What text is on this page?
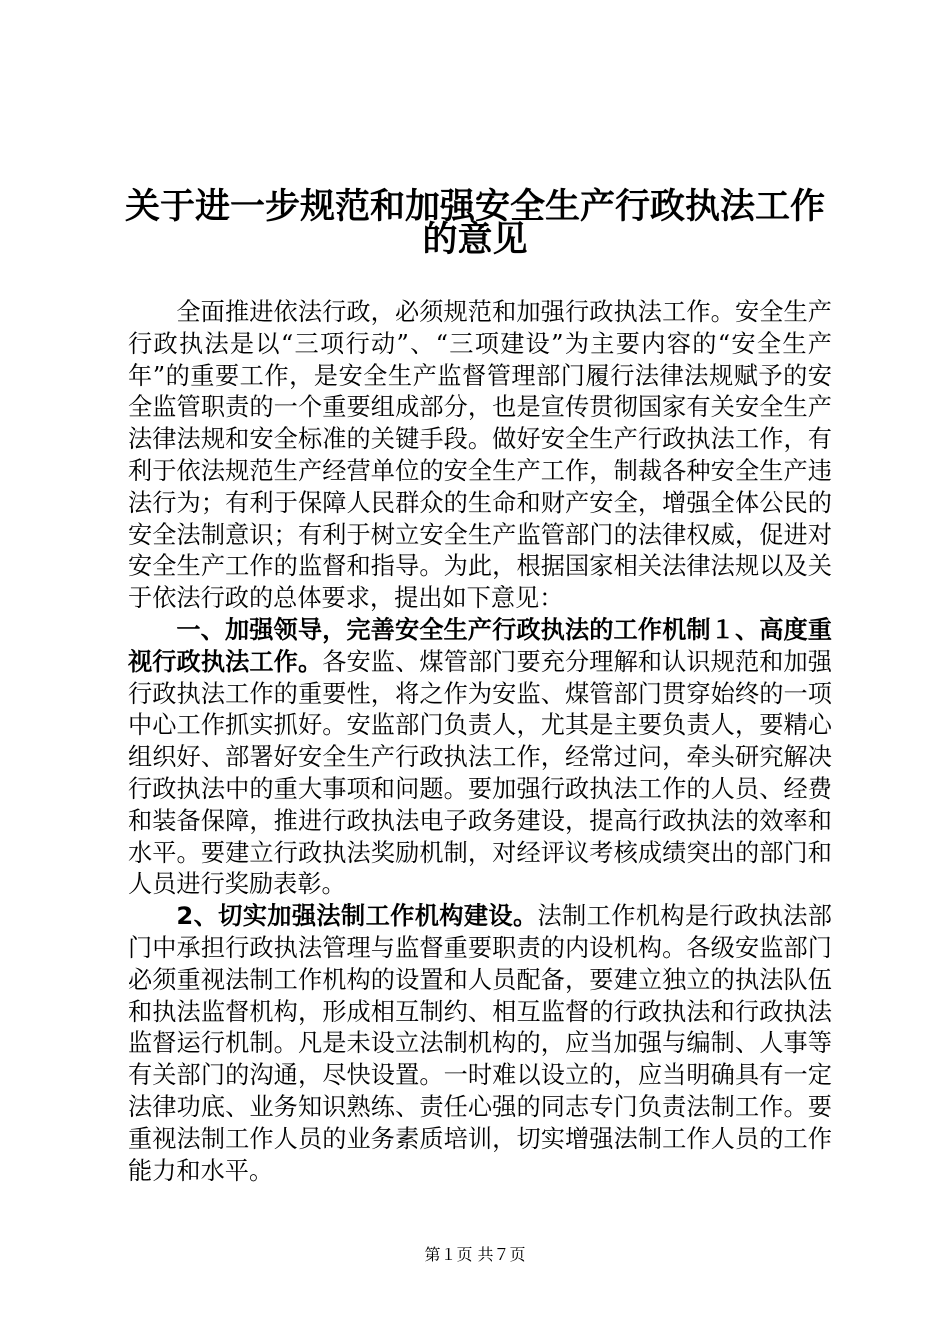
关于进一步规范和加强安全生产行政执法工作
的意见

全面推进依法行政，必须规范和加强行政执法工作。安全生产行政执法是以“三项行动”、“三项建设”为主要内容的“安全生产年”的重要工作，是安全生产监督管理部门履行法律法规赋予的安全监管职责的一个重要组成部分，也是宣传贯彻国家有关安全生产法律法规和安全标准的关键手段。做好安全生产行政执法工作，有利于依法规范生产经营单位的安全生产工作，制裁各种安全生产违法行为；有利于保障人民群众的生命和财产安全，增强全体公民的安全法制意识；有利于树立安全生产监管部门的法律权威，促进对安全生产工作的监督和指导。为此，根据国家相关法律法规以及关于依法行政的总体要求，提出如下意见：

一、加强领导，完善安全生产行政执法的工作机制１、高度重视行政执法工作。各安监、煤管部门要充分理解和认识规范和加强行政执法工作的重要性，将之作为安监、煤管部门贯穿始终的一项中心工作抓实抓好。安监部门负责人，尤其是主要负责人，要精心组织好、部署好安全生产行政执法工作，经常过问，牵头研究解决行政执法中的重大事项和问题。要加强行政执法工作的人员、经费和装备保障，推进行政执法电子政务建设，提高行政执法的效率和水平。要建立行政执法奖励机制，对经评议考核成绩突出的部门和人员进行奖励表彰。

2、切实加强法制工作机构建设。法制工作机构是行政执法部门中承担行政执法管理与监督重要职责的内设机构。各级安监部门必须重视法制工作机构的设置和人员配备，要建立独立的执法队伍和执法监督机构，形成相互制约、相互监督的行政执法和行政执法监督运行机制。凡是未设立法制机构的，应当加强与编制、人事等有关部门的沟通，尽快设置。一时难以设立的，应当明确具有一定法律功底、业务知识熟练、责任心强的同志专门负责法制工作。要重视法制工作人员的业务素质培训，切实增强法制工作人员的工作能力和水平。

第１页 共７页
